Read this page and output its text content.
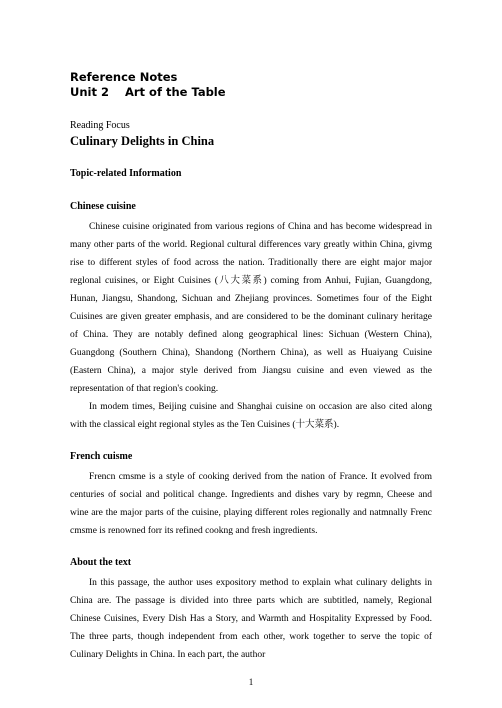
Reference Notes

Unit 2    Art of the Table

Reading Focus

Culinary Delights in China

Topic-related Information

Chinese cuisine

Chinese cuisine originated from various regions of China and has become widespread in many other parts of the world. Regional cultural differences vary greatly within China, givmg rise to different styles of food across the nation. Traditionally there are eight major major reglonal cuisines, or Eight Cuisines (八大菜系) coming from Anhui, Fujian, Guangdong, Hunan, Jiangsu, Shandong, Sichuan and Zhejiang provinces. Sometimes four of the Eight Cuisines are given greater emphasis, and are considered to be the dominant culinary heritage of China. They are notably defined along geographical lines: Sichuan (Western China), Guangdong (Southern China), Shandong (Northern China), as well as Huaiyang Cuisine (Eastern China), a major style derived from Jiangsu cuisine and even viewed as the representation of that region's cooking.

In modem times, Beijing cuisine and Shanghai cuisine on occasion are also cited along with the classical eight regional styles as the Ten Cuisines (十大菜系).

French cuisme

Frencn cmsme is a style of cooking derived from the nation of France. It evolved from centuries of social and political change. Ingredients and dishes vary by regmn, Cheese and wine are the major parts of the cuisine, playing different roles regionally and natmnally Frenc cmsme is renowned forr its refined cookng and fresh ingredients.

About the text

In this passage, the author uses expository method to explain what culinary delights in China are. The passage is divided into three parts which are subtitled, namely, Regional Chinese Cuisines, Every Dish Has a Story, and Warmth and Hospitality Expressed by Food. The three parts, though independent from each other, work together to serve the topic of Culinary Delights in China. In each part, the author

1
